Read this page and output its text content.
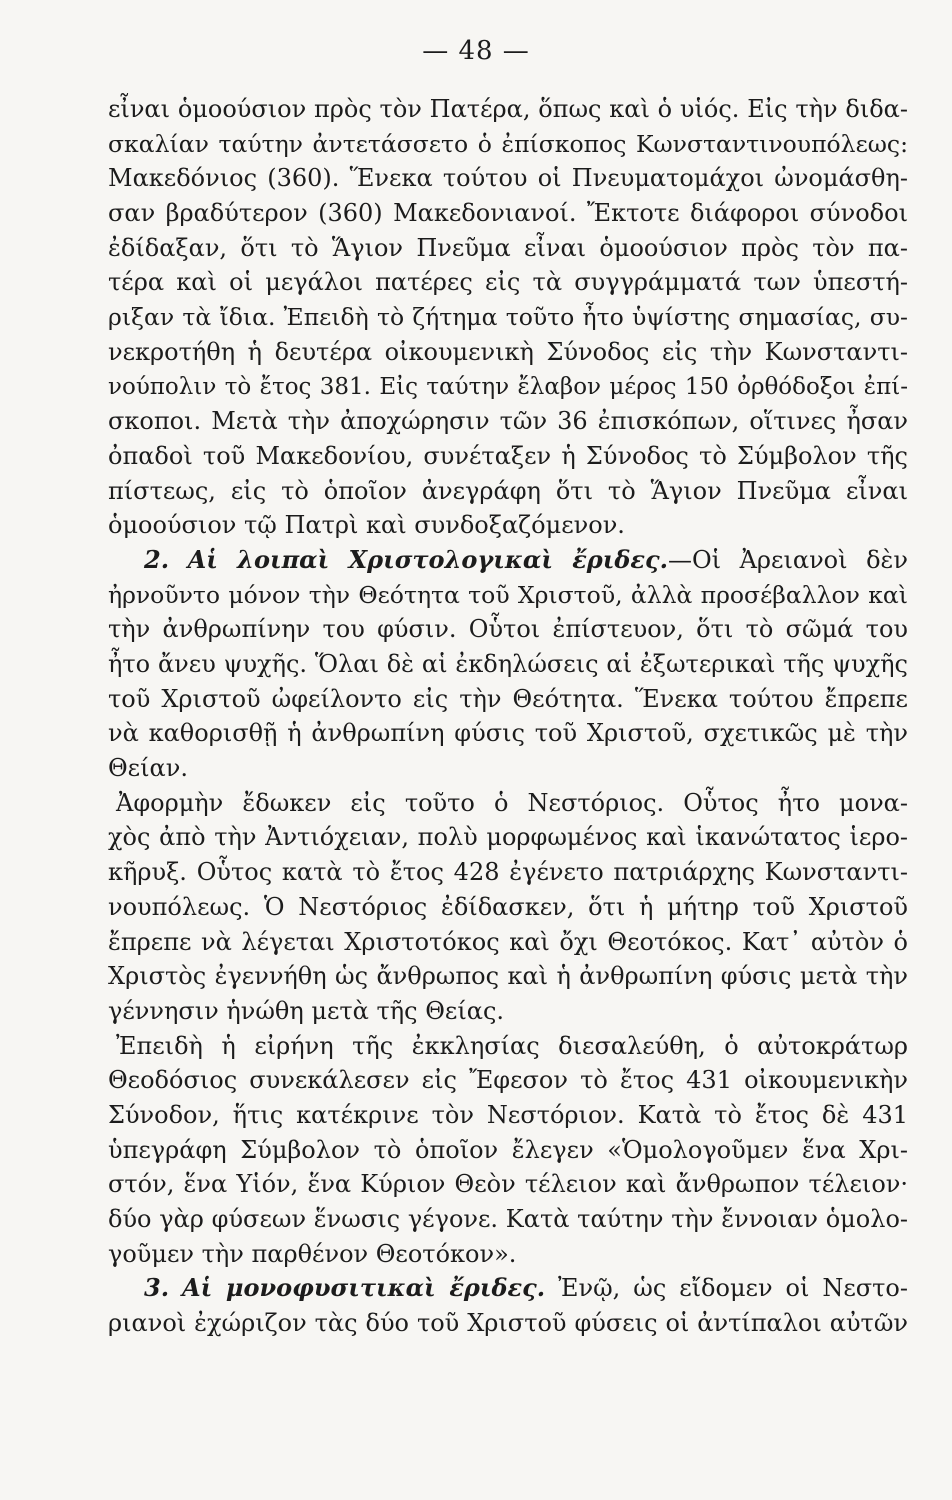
— 48 —
εἶναι ὁμοούσιον πρὸς τὸν Πατέρα, ὅπως καὶ ὁ υἱός. Εἰς τὴν διδα-
σκαλίαν ταύτην ἀντετάσσετο ὁ ἐπίσκοπος Κωνσταντινουπόλεως:
Μακεδόνιος (360). Ἕνεκα τούτου οἱ Πνευματομάχοι ὠνομάσθη-
σαν βραδύτερον (360) Μακεδονιανοί. Ἔκτοτε διάφοροι σύνοδοι
ἐδίδαξαν, ὅτι τὸ Ἅγιον Πνεῦμα εἶναι ὁμοούσιον πρὸς τὸν πα-
τέρα καὶ οἱ μεγάλοι πατέρες εἰς τὰ συγγράμματά των ὑπεστή-
ριξαν τὰ ἴδια. Ἐπειδὴ τὸ ζήτημα τοῦτο ἦτο ὑψίστης σημασίας, συ-
νεκροτήθη ἡ δευτέρα οἰκουμενικὴ Σύνοδος εἰς τὴν Κωνσταντι-
νούπολιν τὸ ἔτος 381. Εἰς ταύτην ἔλαβον μέρος 150 ὀρθόδοξοι ἐπί-
σκοποι. Μετὰ τὴν ἀποχώρησιν τῶν 36 ἐπισκόπων, οἵτινες ἦσαν
ὀπαδοὶ τοῦ Μακεδονίου, συνέταξεν ἡ Σύνοδος τὸ Σύμβολον τῆς
πίστεως, εἰς τὸ ὁποῖον ἀνεγράφη ὅτι τὸ Ἅγιον Πνεῦμα εἶναι
ὁμοούσιον τῷ Πατρὶ καὶ συνδοξαζόμενον.
2. Αἱ λοιπαὶ Χριστολογικαὶ ἔριδες.—Οἱ Ἀρειανοὶ δὲν
ἠρνοῦντο μόνον τὴν Θεότητα τοῦ Χριστοῦ, ἀλλὰ προσέβαλλον καὶ
τὴν ἀνθρωπίνην του φύσιν. Οὗτοι ἐπίστευον, ὅτι τὸ σῶμά του
ἦτο ἄνευ ψυχῆς. Ὅλαι δὲ αἱ ἐκδηλώσεις αἱ ἐξωτερικαὶ τῆς ψυχῆς
τοῦ Χριστοῦ ὠφείλοντο εἰς τὴν Θεότητα. Ἕνεκα τούτου ἔπρεπε
νὰ καθορισθῇ ἡ ἀνθρωπίνη φύσις τοῦ Χριστοῦ, σχετικῶς μὲ τὴν
Θείαν.
Ἀφορμὴν ἔδωκεν εἰς τοῦτο ὁ Νεστόριος. Οὗτος ἦτο μονα-
χὸς ἀπὸ τὴν Ἀντιόχειαν, πολὺ μορφωμένος καὶ ἱκανώτατος ἱερο-
κῆρυξ. Οὗτος κατὰ τὸ ἔτος 428 ἐγένετο πατριάρχης Κωνσταντι-
νουπόλεως. Ὁ Νεστόριος ἐδίδασκεν, ὅτι ἡ μήτηρ τοῦ Χριστοῦ
ἔπρεπε νὰ λέγεται Χριστοτόκος καὶ ὄχι Θεοτόκος. Κατ᾿ αὐτὸν ὁ
Χριστὸς ἐγεννήθη ὡς ἄνθρωπος καὶ ἡ ἀνθρωπίνη φύσις μετὰ τὴν
γέννησιν ἡνώθη μετὰ τῆς Θείας.
Ἐπειδὴ ἡ εἰρήνη τῆς ἐκκλησίας διεσαλεύθη, ὁ αὐτοκράτωρ
Θεοδόσιος συνεκάλεσεν εἰς Ἔφεσον τὸ ἔτος 431 οἰκουμενικὴν
Σύνοδον, ἥτις κατέκρινε τὸν Νεστόριον. Κατὰ τὸ ἔτος δὲ 431
ὑπεγράφη Σύμβολον τὸ ὁποῖον ἔλεγεν «Ὁμολογοῦμεν ἕνα Χρι-
στόν, ἕνα Υἱόν, ἕνα Κύριον Θεὸν τέλειον καὶ ἄνθρωπον τέλειον·
δύο γὰρ φύσεων ἕνωσις γέγονε. Κατὰ ταύτην τὴν ἔννοιαν ὁμολο-
γοῦμεν τὴν παρθένον Θεοτόκον».
3. Αἱ μονοφυσιτικαὶ ἔριδες. Ἐνῷ, ὡς εἴδομεν οἱ Νεστο-
ριανοὶ ἐχώριζον τὰς δύο τοῦ Χριστοῦ φύσεις οἱ ἀντίπαλοι αὐτῶν
